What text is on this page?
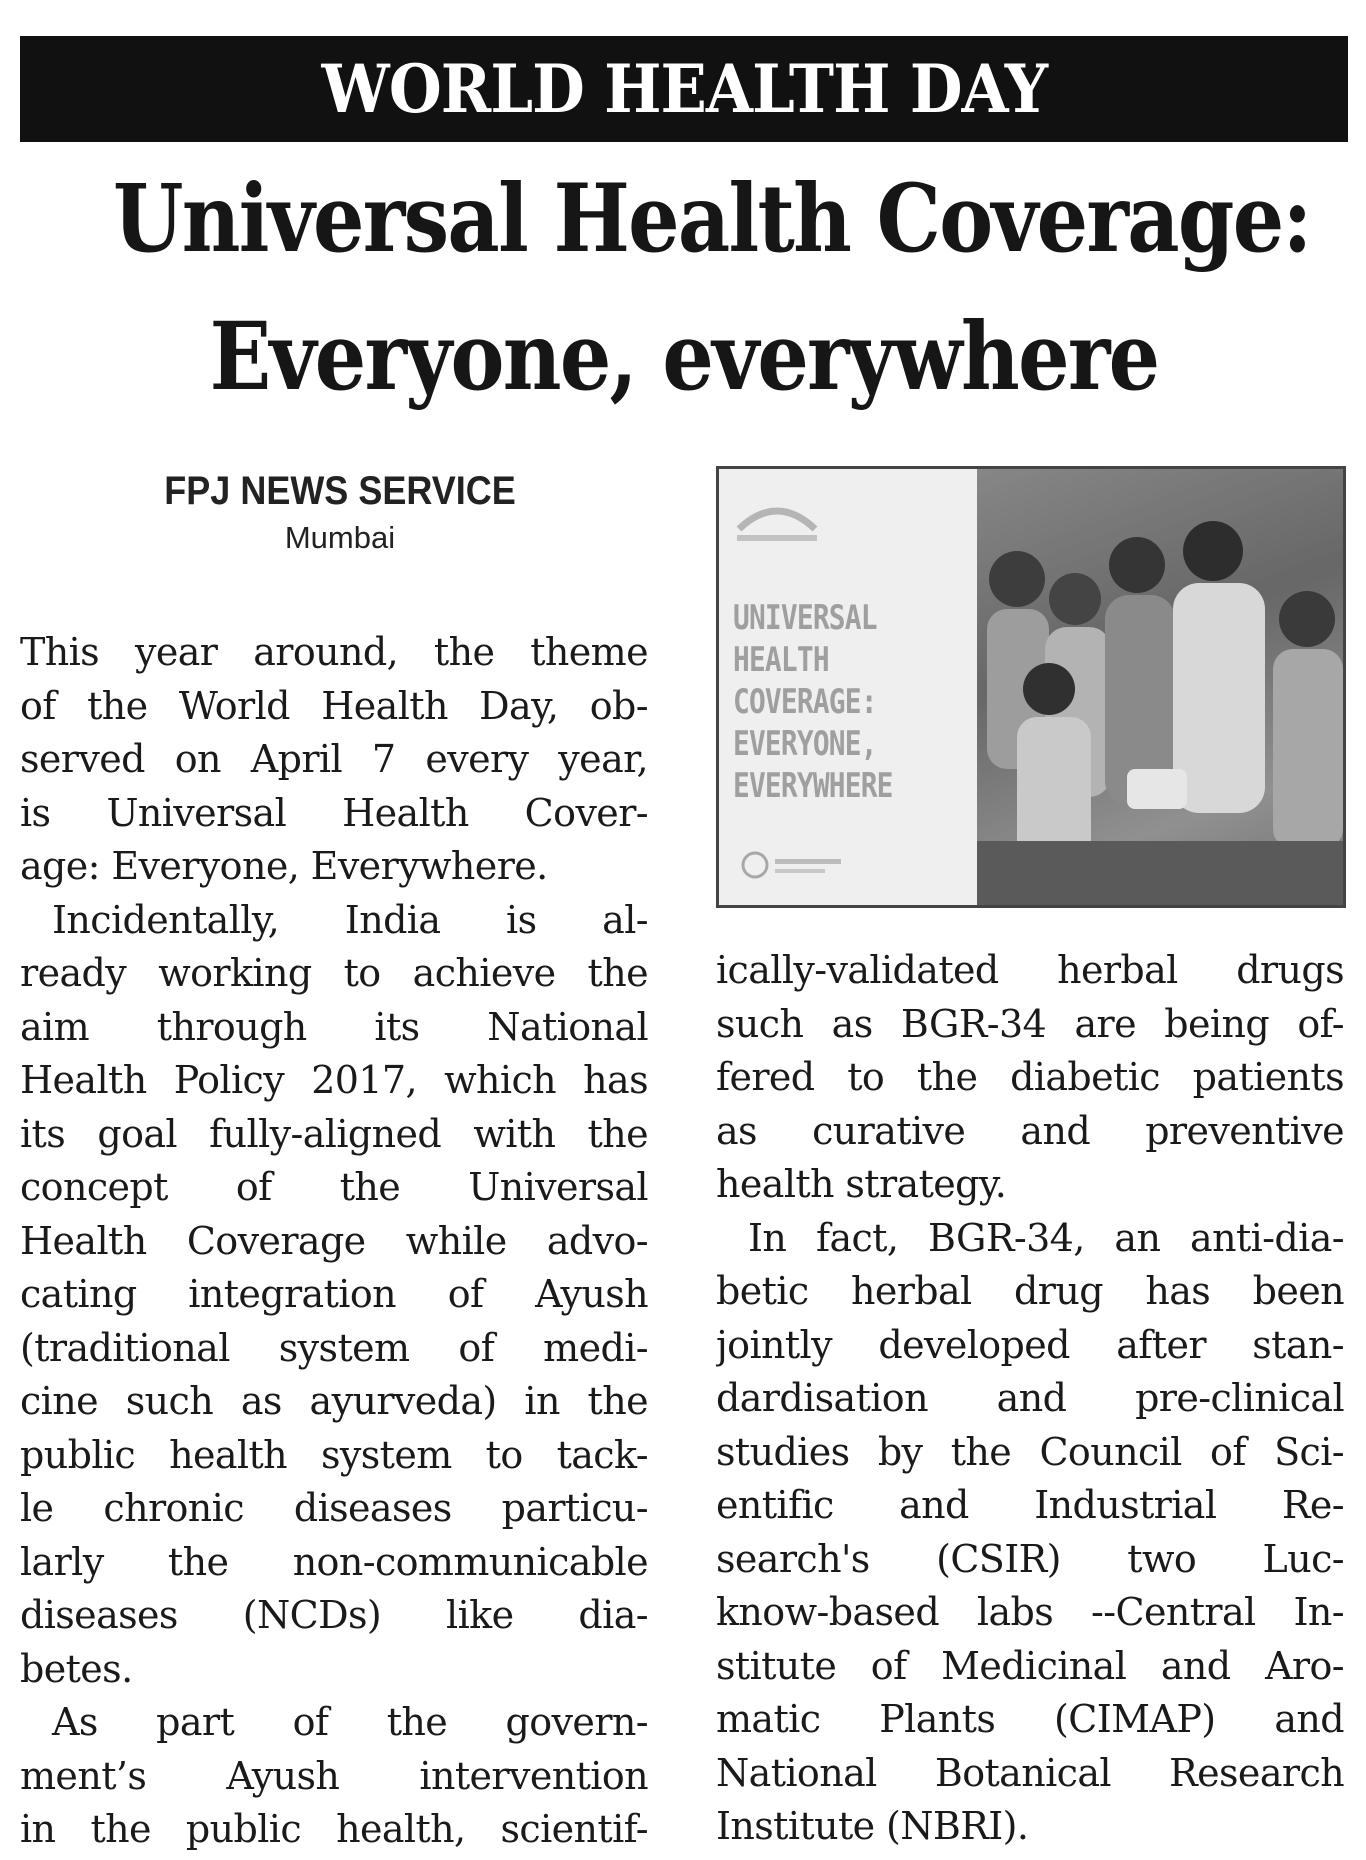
WORLD HEALTH DAY
Universal Health Coverage:
Everyone, everywhere
FPJ NEWS SERVICE
Mumbai
UNIVERSAL
HEALTH
COVERAGE:
EVERYONE,
EVERYWHERE
This year around, the theme
of the World Health Day, ob-
served on April 7 every year,
is Universal Health Cover-
age: Everyone, Everywhere.
Incidentally, India is al-
ready working to achieve the
aim through its National
Health Policy 2017, which has
its goal fully-aligned with the
concept of the Universal
Health Coverage while advo-
cating integration of Ayush
(traditional system of medi-
cine such as ayurveda) in the
public health system to tack-
le chronic diseases particu-
larly the non-communicable
diseases (NCDs) like dia-
betes.
As part of the govern-
ment’s Ayush intervention
in the public health, scientif-
ically-validated herbal drugs
such as BGR-34 are being of-
fered to the diabetic patients
as curative and preventive
health strategy.
In fact, BGR-34, an anti-dia-
betic herbal drug has been
jointly developed after stan-
dardisation and pre-clinical
studies by the Council of Sci-
entific and Industrial Re-
search's (CSIR) two Luc-
know-based labs --Central In-
stitute of Medicinal and Aro-
matic Plants (CIMAP) and
National Botanical Research
Institute (NBRI).
